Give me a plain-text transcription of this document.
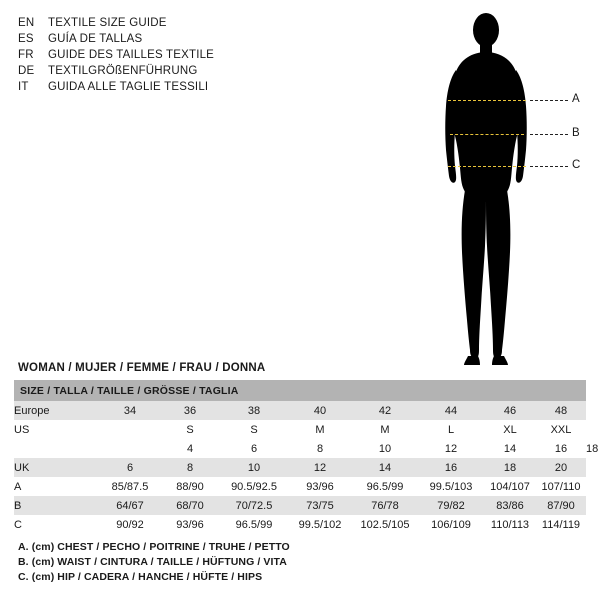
EN	TEXTILE SIZE GUIDE
ES	GUÍA DE TALLAS
FR	GUIDE DES TAILLES TEXTILE
DE	TEXTILGRÖßENFÜHRUNG
IT	GUIDA ALLE TAGLIE TESSILI
A
B
C
WOMAN / MUJER / FEMME / FRAU / DONNA
SIZE / TALLA / TAILLE / GRÖSSE / TAGLIA									
Europe	34	36	38	40	42	44	46	48	
US		S	S	M	M	L	XL	XXL	
		4	6	8	10	12	14	16	18
UK	6	8	10	12	14	16	18	20	
A	85/87.5	88/90	90.5/92.5	93/96	96.5/99	99.5/103	104/107	107/110	
B	64/67	68/70	70/72.5	73/75	76/78	79/82	83/86	87/90	
C	90/92	93/96	96.5/99	99.5/102	102.5/105	106/109	110/113	114/119	
A. (cm) CHEST / PECHO / POITRINE / TRUHE / PETTO
B. (cm) WAIST / CINTURA / TAILLE / HÜFTUNG / VITA
C. (cm) HIP / CADERA / HANCHE / HÜFTE / HIPS
